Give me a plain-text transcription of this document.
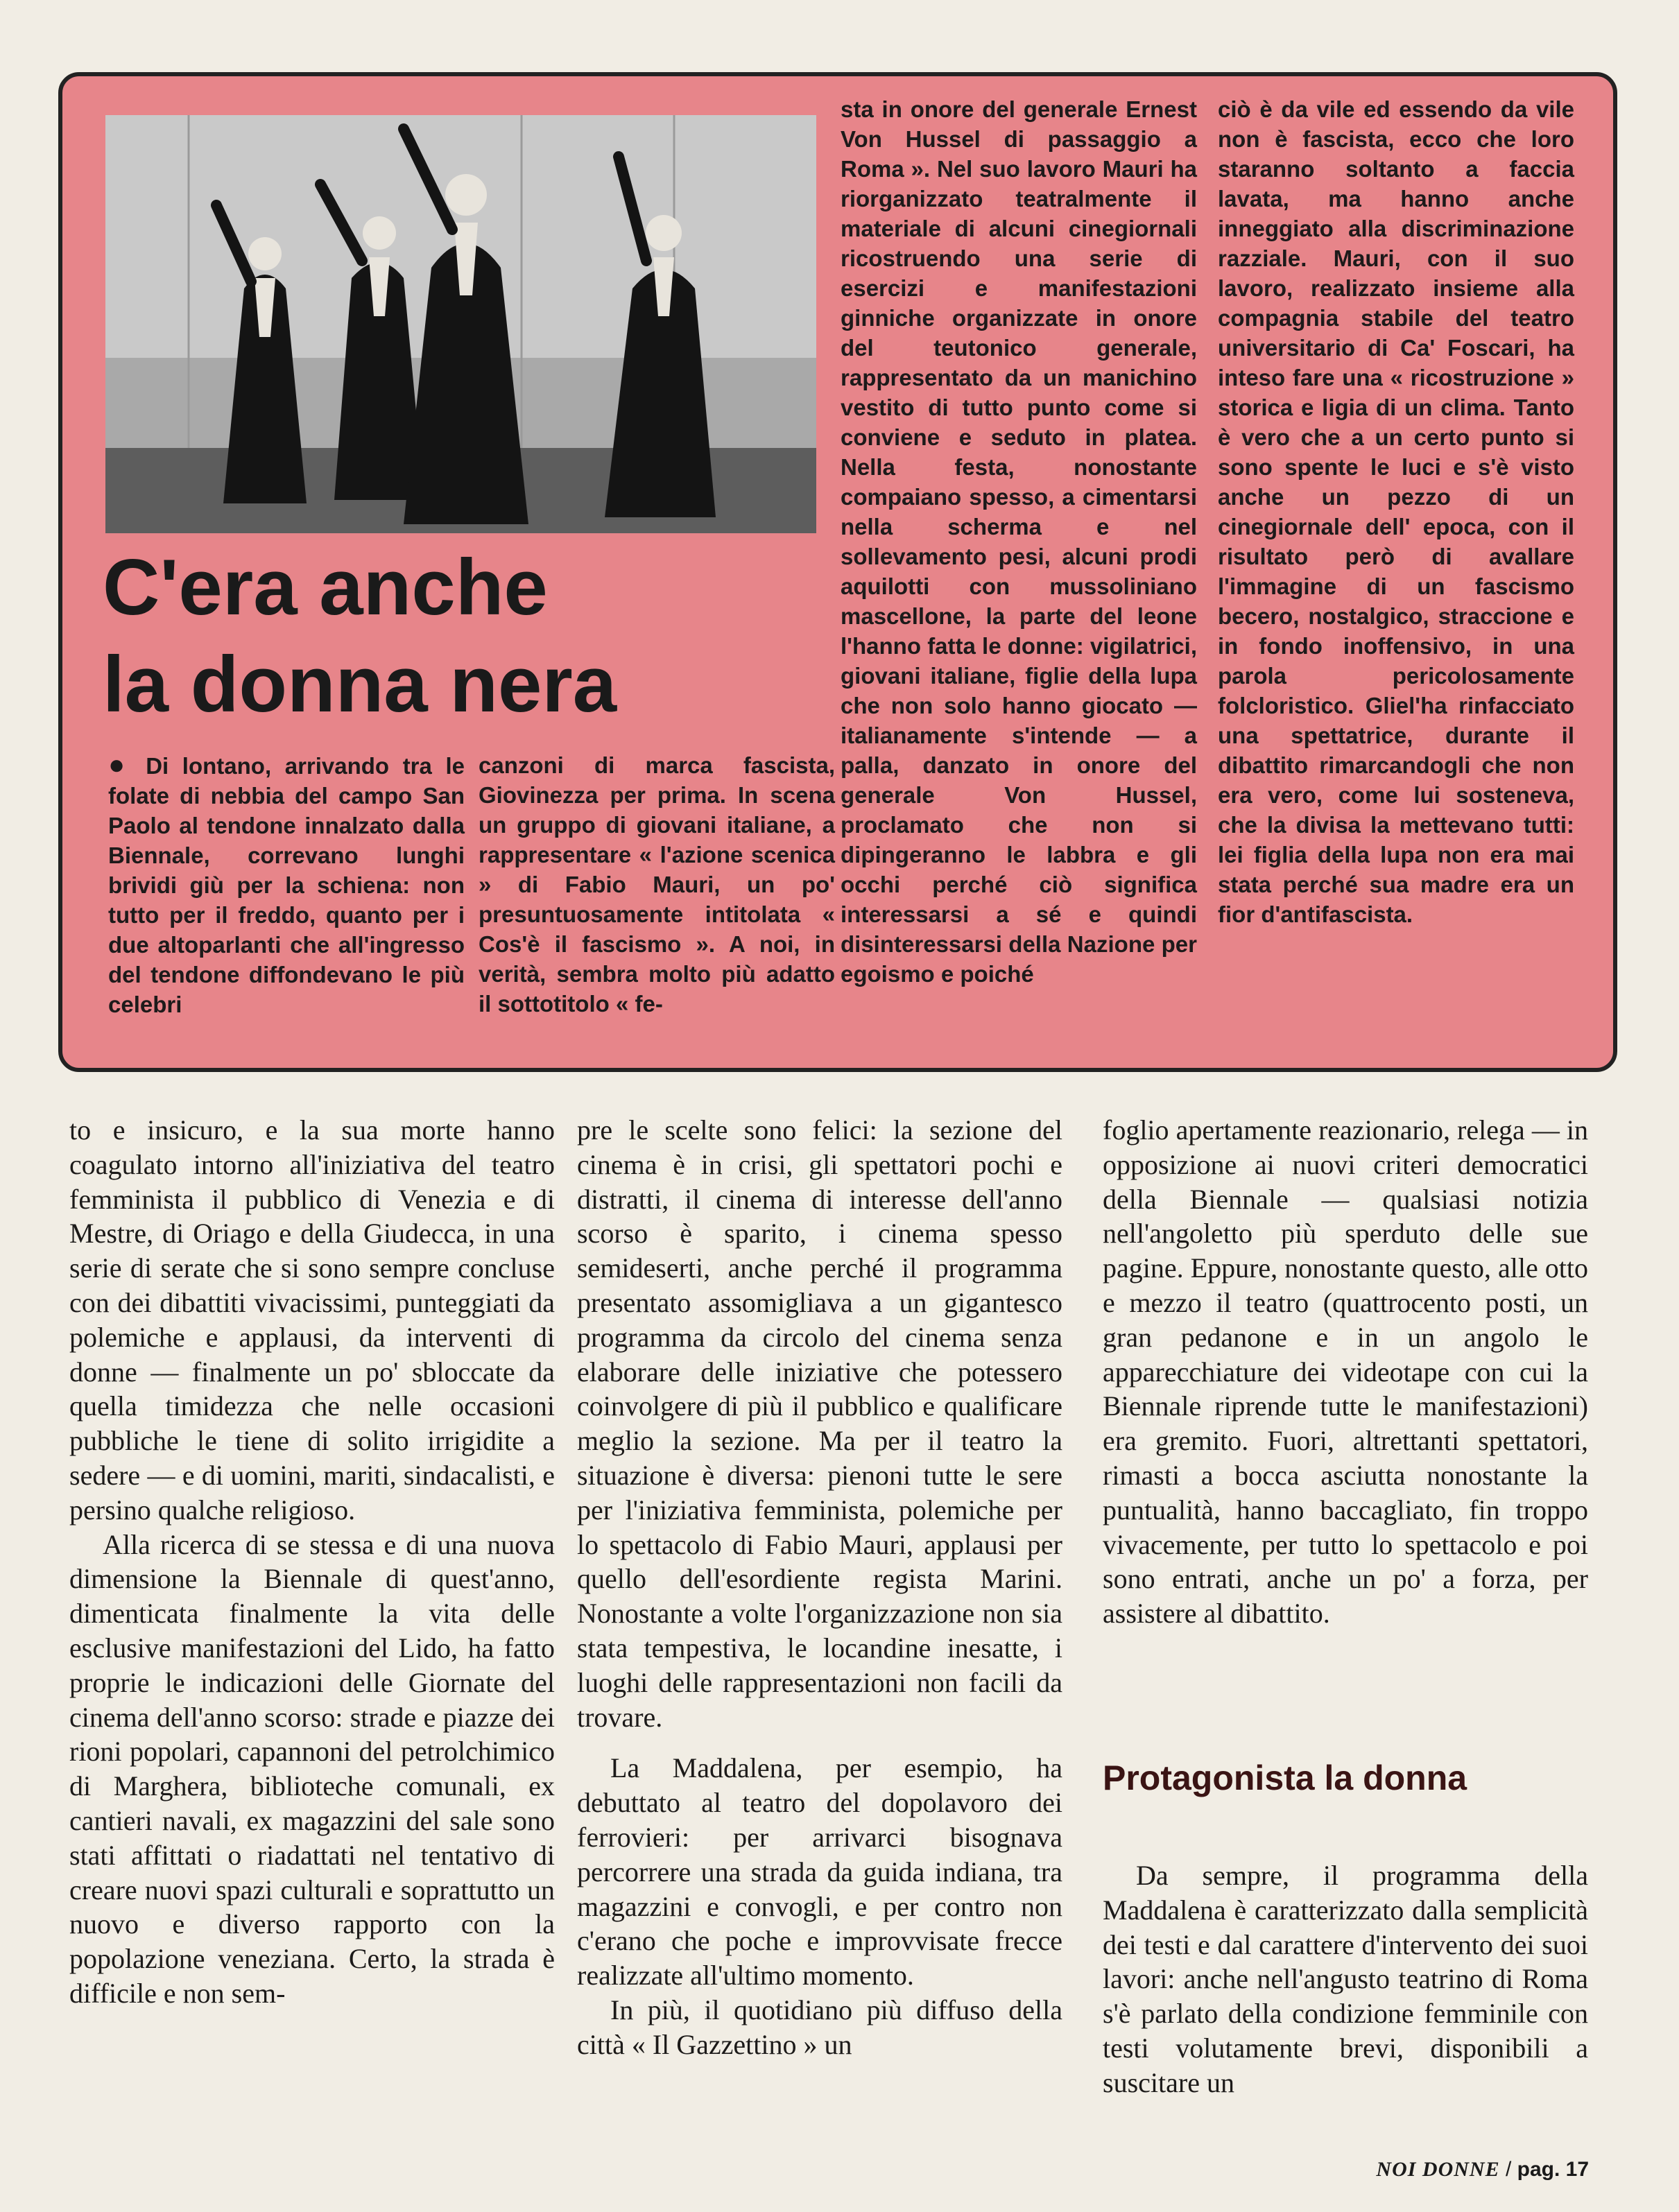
C'era anche
la donna nera

● Di lontano, arrivando tra le folate di nebbia del campo San Paolo al tendone innalzato dalla Biennale, correvano lunghi brividi giù per la schiena: non tutto per il freddo, quanto per i due altoparlanti che all'ingresso del tendone diffondevano le più celebri

canzoni di marca fascista, Giovinezza per prima. In scena un gruppo di giovani italiane, a rappresentare « l'azione scenica » di Fabio Mauri, un po' presuntuosamente intitolata « Cos'è il fascismo ». A noi, in verità, sembra molto più adatto il sottotitolo « fe-

sta in onore del generale Ernest Von Hussel di passaggio a Roma ». Nel suo lavoro Mauri ha riorganizzato teatralmente il materiale di alcuni cinegiornali ricostruendo una serie di esercizi e manifestazioni ginniche organizzate in onore del teutonico generale, rappresentato da un manichino vestito di tutto punto come si conviene e seduto in platea. Nella festa, nonostante compaiano spesso, a cimentarsi nella scherma e nel sollevamento pesi, alcuni prodi aquilotti con mussoliniano mascellone, la parte del leone l'hanno fatta le donne: vigilatrici, giovani italiane, figlie della lupa che non solo hanno giocato — italianamente s'intende — a palla, danzato in onore del generale Von Hussel, proclamato che non si dipingeranno le labbra e gli occhi perché ciò significa interessarsi a sé e quindi disinteressarsi della Nazione per egoismo e poiché

ciò è da vile ed essendo da vile non è fascista, ecco che loro staranno soltanto a faccia lavata, ma hanno anche inneggiato alla discriminazione razziale. Mauri, con il suo lavoro, realizzato insieme alla compagnia stabile del teatro universitario di Ca' Foscari, ha inteso fare una « ricostruzione » storica e ligia di un clima. Tanto è vero che a un certo punto si sono spente le luci e s'è visto anche un pezzo di un cinegiornale dell' epoca, con il risultato però di avallare l'immagine di un fascismo becero, nostalgico, straccione e in fondo inoffensivo, in una parola pericolosamente folcloristico. Gliel'ha rinfacciato una spettatrice, durante il dibattito rimarcandogli che non era vero, come lui sosteneva, che la divisa la mettevano tutti: lei figlia della lupa non era mai stata perché sua madre era un fior d'antifascista.

to e insicuro, e la sua morte hanno coagulato intorno all'iniziativa del teatro femminista il pubblico di Venezia e di Mestre, di Oriago e della Giudecca, in una serie di serate che si sono sempre concluse con dei dibattiti vivacissimi, punteggiati da polemiche e applausi, da interventi di donne — finalmente un po' sbloccate da quella timidezza che nelle occasioni pubbliche le tiene di solito irrigidite a sedere — e di uomini, mariti, sindacalisti, e persino qualche religioso.

Alla ricerca di se stessa e di una nuova dimensione la Biennale di quest'anno, dimenticata finalmente la vita delle esclusive manifestazioni del Lido, ha fatto proprie le indicazioni delle Giornate del cinema dell'anno scorso: strade e piazze dei rioni popolari, capannoni del petrolchimico di Marghera, biblioteche comunali, ex cantieri navali, ex magazzini del sale sono stati affittati o riadattati nel tentativo di creare nuovi spazi culturali e soprattutto un nuovo e diverso rapporto con la popolazione veneziana. Certo, la strada è difficile e non sem-

pre le scelte sono felici: la sezione del cinema è in crisi, gli spettatori pochi e distratti, il cinema di interesse dell'anno scorso è sparito, i cinema spesso semideserti, anche perché il programma presentato assomigliava a un gigantesco programma da circolo del cinema senza elaborare delle iniziative che potessero coinvolgere di più il pubblico e qualificare meglio la sezione. Ma per il teatro la situazione è diversa: pienoni tutte le sere per l'iniziativa femminista, polemiche per lo spettacolo di Fabio Mauri, applausi per quello dell'esordiente regista Marini. Nonostante a volte l'organizzazione non sia stata tempestiva, le locandine inesatte, i luoghi delle rappresentazioni non facili da trovare.

La Maddalena, per esempio, ha debuttato al teatro del dopolavoro dei ferrovieri: per arrivarci bisognava percorrere una strada da guida indiana, tra magazzini e convogli, e per contro non c'erano che poche e improvvisate frecce realizzate all'ultimo momento.

In più, il quotidiano più diffuso della città « Il Gazzettino » un

foglio apertamente reazionario, relega — in opposizione ai nuovi criteri democratici della Biennale — qualsiasi notizia nell'angoletto più sperduto delle sue pagine. Eppure, nonostante questo, alle otto e mezzo il teatro (quattrocento posti, un gran pedanone e in un angolo le apparecchiature dei videotape con cui la Biennale riprende tutte le manifestazioni) era gremito. Fuori, altrettanti spettatori, rimasti a bocca asciutta nonostante la puntualità, hanno baccagliato, fin troppo vivacemente, per tutto lo spettacolo e poi sono entrati, anche un po' a forza, per assistere al dibattito.

Protagonista la donna

Da sempre, il programma della Maddalena è caratterizzato dalla semplicità dei testi e dal carattere d'intervento dei suoi lavori: anche nell'angusto teatrino di Roma s'è parlato della condizione femminile con testi volutamente brevi, disponibili a suscitare un

NOI DONNE / pag. 17
